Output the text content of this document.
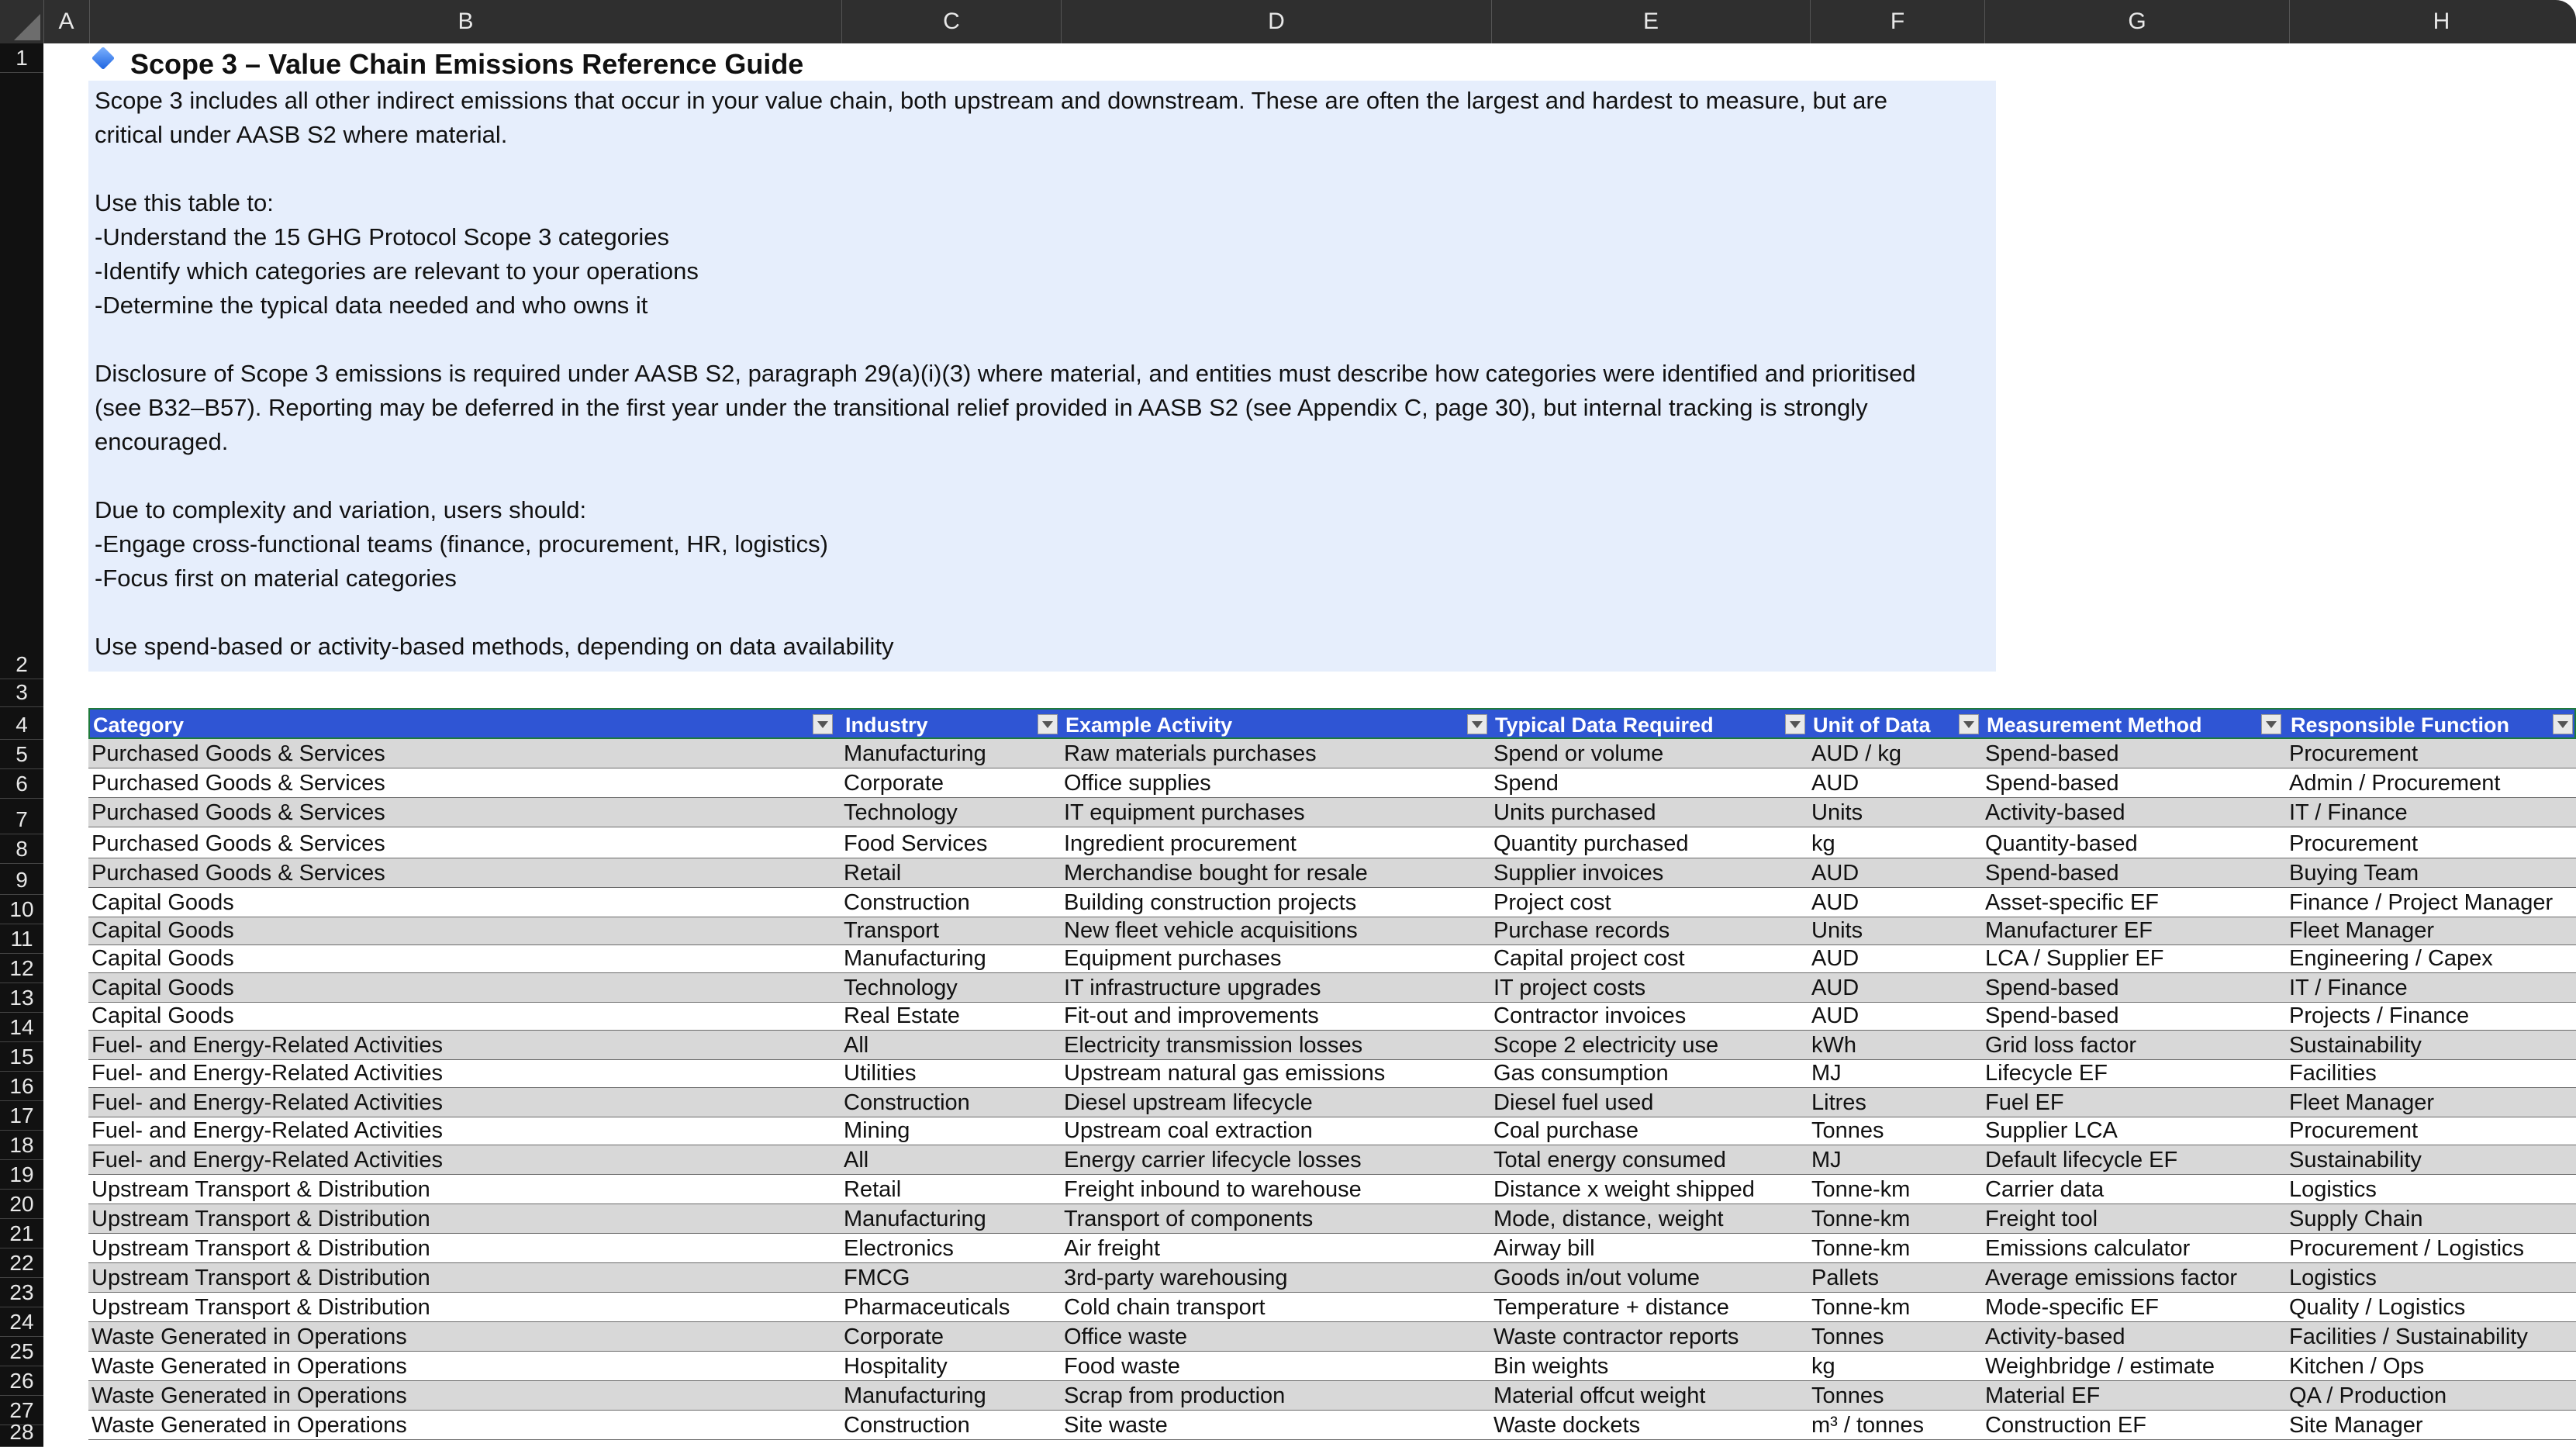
A	B	C	D	E	F	G	H
1
2
3
4
5
6
7
8
9
10
11
12
13
14
15
16
17
18
19
20
21
22
23
24
25
26
27
28
Scope 3 – Value Chain Emissions Reference Guide
Scope 3 includes all other indirect emissions that occur in your value chain, both upstream and downstream. These are often the largest and hardest to measure, but are
critical under AASB S2 where material.

Use this table to:
-Understand the 15 GHG Protocol Scope 3 categories
-Identify which categories are relevant to your operations
-Determine the typical data needed and who owns it

Disclosure of Scope 3 emissions is required under AASB S2, paragraph 29(a)(i)(3) where material, and entities must describe how categories were identified and prioritised
(see B32–B57). Reporting may be deferred in the first year under the transitional relief provided in AASB S2 (see Appendix C, page 30), but internal tracking is strongly
encouraged.

Due to complexity and variation, users should:
-Engage cross-functional teams (finance, procurement, HR, logistics)
-Focus first on material categories

Use spend-based or activity-based methods, depending on data availability
Category	Industry	Example Activity	Typical Data Required	Unit of Data	Measurement Method	Responsible Function
Purchased Goods & Services	Manufacturing	Raw materials purchases	Spend or volume	AUD / kg	Spend-based	Procurement
Purchased Goods & Services	Corporate	Office supplies	Spend	AUD	Spend-based	Admin / Procurement
Purchased Goods & Services	Technology	IT equipment purchases	Units purchased	Units	Activity-based	IT / Finance
Purchased Goods & Services	Food Services	Ingredient procurement	Quantity purchased	kg	Quantity-based	Procurement
Purchased Goods & Services	Retail	Merchandise bought for resale	Supplier invoices	AUD	Spend-based	Buying Team
Capital Goods	Construction	Building construction projects	Project cost	AUD	Asset-specific EF	Finance / Project Manager
Capital Goods	Transport	New fleet vehicle acquisitions	Purchase records	Units	Manufacturer EF	Fleet Manager
Capital Goods	Manufacturing	Equipment purchases	Capital project cost	AUD	LCA / Supplier EF	Engineering / Capex
Capital Goods	Technology	IT infrastructure upgrades	IT project costs	AUD	Spend-based	IT / Finance
Capital Goods	Real Estate	Fit-out and improvements	Contractor invoices	AUD	Spend-based	Projects / Finance
Fuel- and Energy-Related Activities	All	Electricity transmission losses	Scope 2 electricity use	kWh	Grid loss factor	Sustainability
Fuel- and Energy-Related Activities	Utilities	Upstream natural gas emissions	Gas consumption	MJ	Lifecycle EF	Facilities
Fuel- and Energy-Related Activities	Construction	Diesel upstream lifecycle	Diesel fuel used	Litres	Fuel EF	Fleet Manager
Fuel- and Energy-Related Activities	Mining	Upstream coal extraction	Coal purchase	Tonnes	Supplier LCA	Procurement
Fuel- and Energy-Related Activities	All	Energy carrier lifecycle losses	Total energy consumed	MJ	Default lifecycle EF	Sustainability
Upstream Transport & Distribution	Retail	Freight inbound to warehouse	Distance x weight shipped	Tonne-km	Carrier data	Logistics
Upstream Transport & Distribution	Manufacturing	Transport of components	Mode, distance, weight	Tonne-km	Freight tool	Supply Chain
Upstream Transport & Distribution	Electronics	Air freight	Airway bill	Tonne-km	Emissions calculator	Procurement / Logistics
Upstream Transport & Distribution	FMCG	3rd-party warehousing	Goods in/out volume	Pallets	Average emissions factor	Logistics
Upstream Transport & Distribution	Pharmaceuticals	Cold chain transport	Temperature + distance	Tonne-km	Mode-specific EF	Quality / Logistics
Waste Generated in Operations	Corporate	Office waste	Waste contractor reports	Tonnes	Activity-based	Facilities / Sustainability
Waste Generated in Operations	Hospitality	Food waste	Bin weights	kg	Weighbridge / estimate	Kitchen / Ops
Waste Generated in Operations	Manufacturing	Scrap from production	Material offcut weight	Tonnes	Material EF	QA / Production
Waste Generated in Operations	Construction	Site waste	Waste dockets	m³ / tonnes	Construction EF	Site Manager
